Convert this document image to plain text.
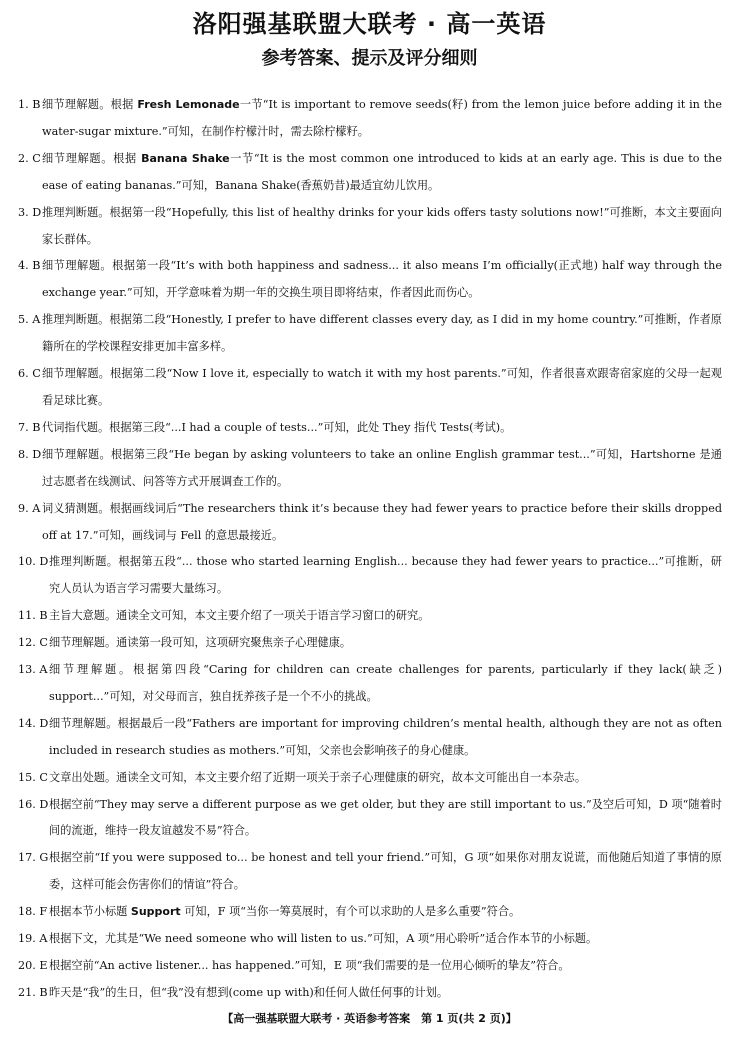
洛阳强基联盟大联考 · 高一英语
参考答案、提示及评分细则
1. B 细节理解题。根据 Fresh Lemonade一节“It is important to remove seeds(籽) from the lemon juice before adding it in the water-sugar mixture.”可知，在制作柠檬汁时，需去除柠檬籽。
2. C 细节理解题。根据 Banana Shake一节“It is the most common one introduced to kids at an early age. This is due to the ease of eating bananas.”可知，Banana Shake(香蕉奶昔)最适宜幼儿饮用。
3. D 推理判断题。根据第一段“Hopefully, this list of healthy drinks for your kids offers tasty solutions now!”可推断，本文主要面向家长群体。
4. B 细节理解题。根据第一段“It’s with both happiness and sadness... it also means I’m officially(正式地) half way through the exchange year.”可知，开学意味着为期一年的交换生项目即将结束，作者因此而伤心。
5. A 推理判断题。根据第二段“Honestly, I prefer to have different classes every day, as I did in my home country.”可推断，作者原籍所在的学校课程安排更加丰富多样。
6. C 细节理解题。根据第二段“Now I love it, especially to watch it with my host parents.”可知，作者很喜欢跟寄宿家庭的父母一起观看足球比赛。
7. B 代词指代题。根据第三段“...I had a couple of tests...”可知，此处 They 指代 Tests(考试)。
8. D 细节理解题。根据第三段“He began by asking volunteers to take an online English grammar test...”可知，Hartshorne 是通过志愿者在线测试、问答等方式开展调查工作的。
9. A 词义猜测题。根据画线词后“The researchers think it’s because they had fewer years to practice before their skills dropped off at 17.”可知，画线词与 Fell 的意思最接近。
10. D 推理判断题。根据第五段“... those who started learning English... because they had fewer years to practice...”可推断，研究人员认为语言学习需要大量练习。
11. B 主旨大意题。通读全文可知，本文主要介绍了一项关于语言学习窗口的研究。
12. C 细节理解题。通读第一段可知，这项研究聚焦亲子心理健康。
13. A 细节理解题。根据第四段“Caring for children can create challenges for parents, particularly if they lack(缺乏) support...”可知，对父母而言，独自抚养孩子是一个不小的挑战。
14. D 细节理解题。根据最后一段“Fathers are important for improving children’s mental health, although they are not as often included in research studies as mothers.”可知，父亲也会影响孩子的身心健康。
15. C 文章出处题。通读全文可知，本文主要介绍了近期一项关于亲子心理健康的研究，故本文可能出自一本杂志。
16. D 根据空前“They may serve a different purpose as we get older, but they are still important to us.”及空后可知，D 项“随着时间的流逝，维持一段友谊越发不易”符合。
17. G 根据空前“If you were supposed to... be honest and tell your friend.”可知，G 项“如果你对朋友说谎，而他随后知道了事情的原委，这样可能会伤害你们的情谊”符合。
18. F 根据本节小标题 Support 可知，F 项“当你一筹莫展时，有个可以求助的人是多么重要”符合。
19. A 根据下文，尤其是“We need someone who will listen to us.”可知，A 项“用心聆听”适合作本节的小标题。
20. E 根据空前“An active listener... has happened.”可知，E 项“我们需要的是一位用心倾听的挚友”符合。
21. B 昨天是“我”的生日，但“我”没有想到(come up with)和任何人做任何事的计划。
【高一强基联盟大联考 · 英语参考答案　第 1 页(共 2 页)】
